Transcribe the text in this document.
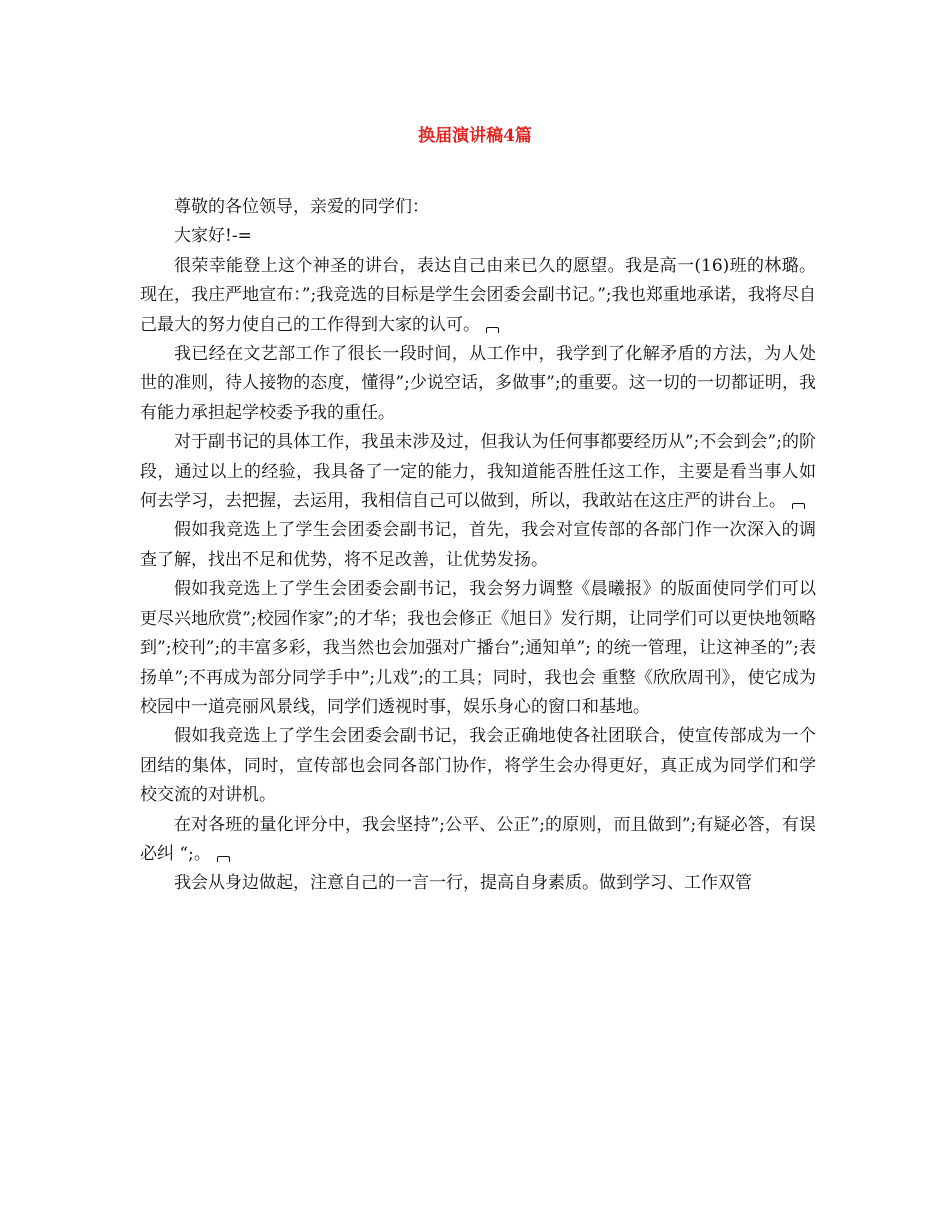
换届演讲稿4篇

尊敬的各位领导，亲爱的同学们：

大家好!-=

很荣幸能登上这个神圣的讲台，表达自己由来已久的愿望。我是高一(16)班的林璐。现在，我庄严地宣布：”;我竞选的目标是学生会团委会副书记。”;我也郑重地承诺，我将尽自己最大的努力使自己的工作得到大家的认可。

我已经在文艺部工作了很长一段时间，从工作中，我学到了化解矛盾的方法，为人处世的准则，待人接物的态度，懂得”;少说空话，多做事”;的重要。这一切的一切都证明，我有能力承担起学校委予我的重任。

对于副书记的具体工作，我虽未涉及过，但我认为任何事都要经历从”;不会到会”;的阶段，通过以上的经验，我具备了一定的能力，我知道能否胜任这工作，主要是看当事人如何去学习，去把握，去运用，我相信自己可以做到，所以，我敢站在这庄严的讲台上。

假如我竞选上了学生会团委会副书记，首先，我会对宣传部的各部门作一次深入的调查了解，找出不足和优势，将不足改善，让优势发扬。

假如我竞选上了学生会团委会副书记，我会努力调整《晨曦报》的版面使同学们可以更尽兴地欣赏”;校园作家”;的才华；我也会修正《旭日》发行期，让同学们可以更快地领略到”;校刊”;的丰富多彩，我当然也会加强对广播台”;通知单”; 的统一管理，让这神圣的”;表扬单”;不再成为部分同学手中”;儿戏”;的工具；同时，我也会 重整《欣欣周刊》，使它成为校园中一道亮丽风景线，同学们透视时事，娱乐身心的窗口和基地。

假如我竞选上了学生会团委会副书记，我会正确地使各社团联合，使宣传部成为一个团结的集体，同时，宣传部也会同各部门协作，将学生会办得更好，真正成为同学们和学校交流的对讲机。

在对各班的量化评分中，我会坚持”;公平、公正”;的原则，而且做到”;有疑必答，有误必纠 “;。

我会从身边做起，注意自己的一言一行，提高自身素质。做到学习、工作双管
